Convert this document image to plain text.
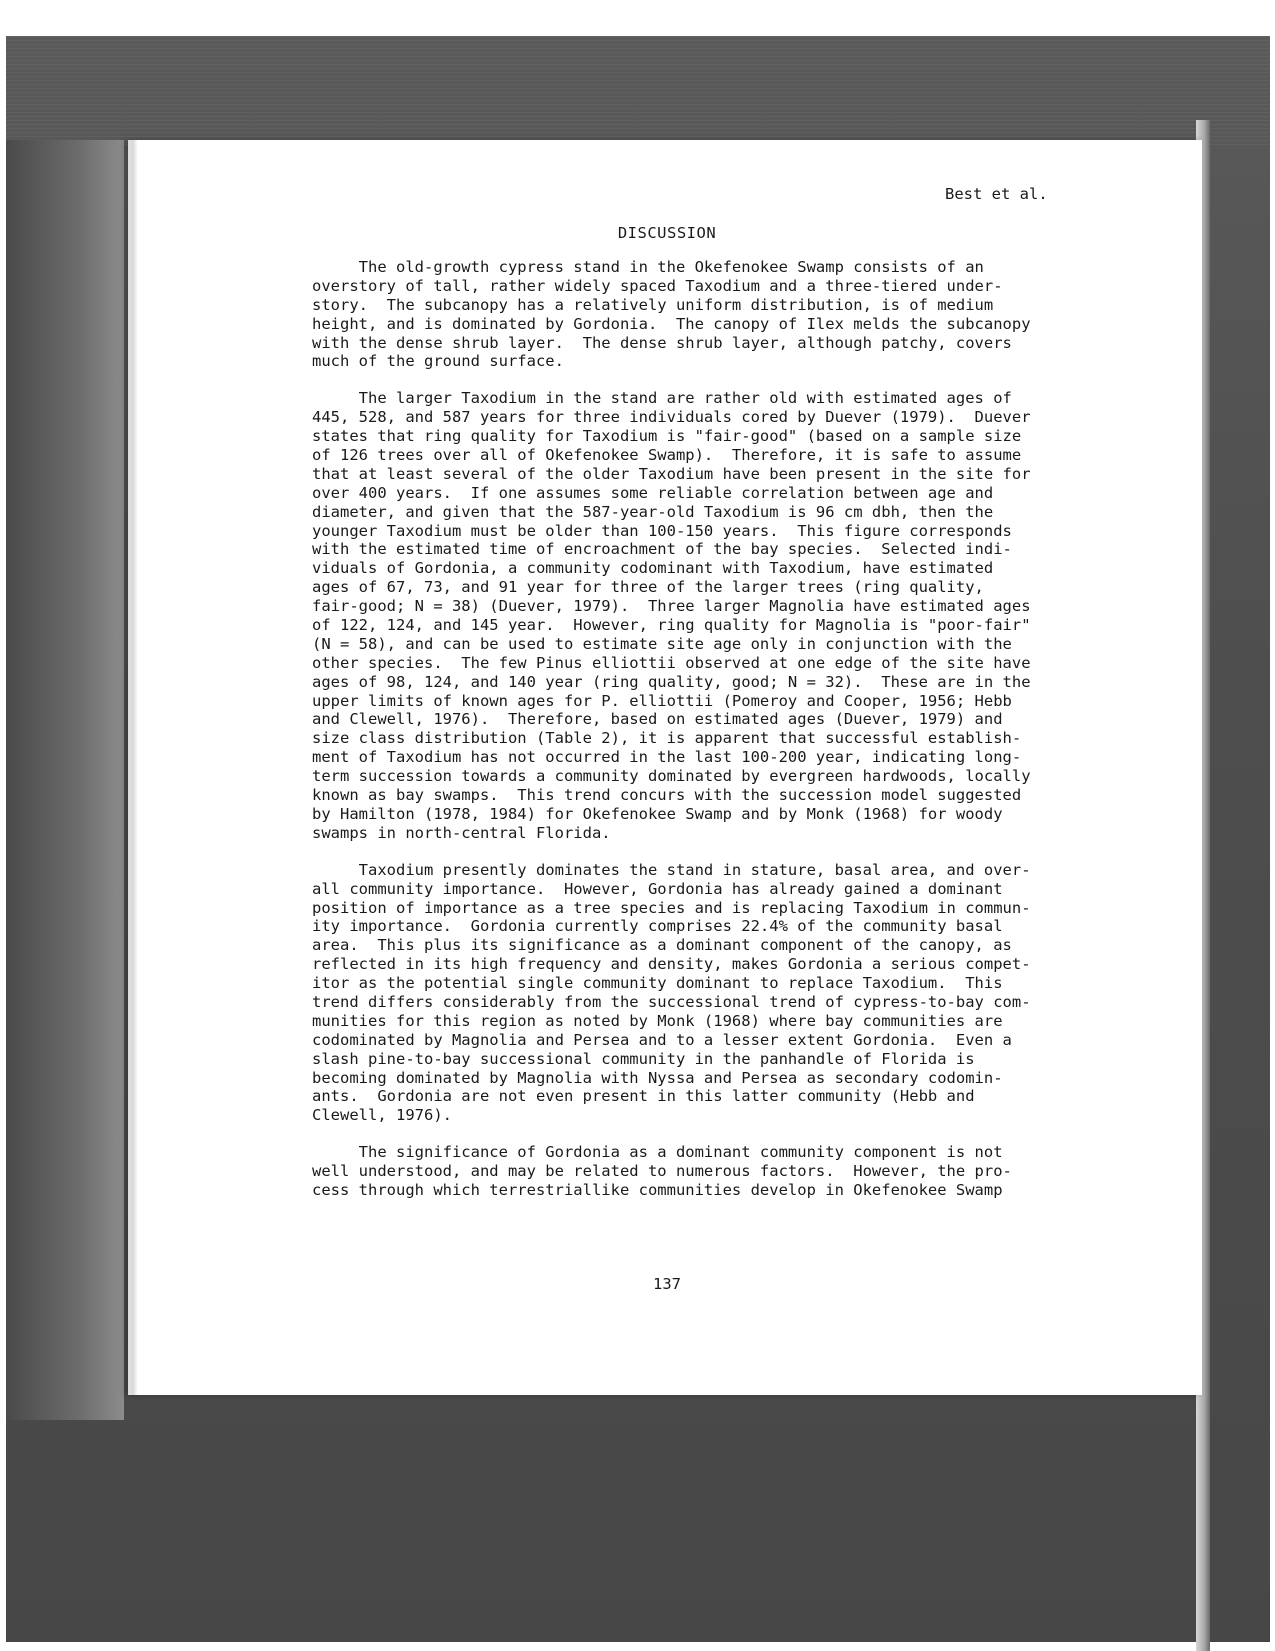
Best et al.
DISCUSSION
The old-growth cypress stand in the Okefenokee Swamp consists of an
overstory of tall, rather widely spaced Taxodium and a three-tiered under-
story.  The subcanopy has a relatively uniform distribution, is of medium
height, and is dominated by Gordonia.  The canopy of Ilex melds the subcanopy
with the dense shrub layer.  The dense shrub layer, although patchy, covers
much of the ground surface.
The larger Taxodium in the stand are rather old with estimated ages of
445, 528, and 587 years for three individuals cored by Duever (1979).  Duever
states that ring quality for Taxodium is "fair-good" (based on a sample size
of 126 trees over all of Okefenokee Swamp).  Therefore, it is safe to assume
that at least several of the older Taxodium have been present in the site for
over 400 years.  If one assumes some reliable correlation between age and
diameter, and given that the 587-year-old Taxodium is 96 cm dbh, then the
younger Taxodium must be older than 100-150 years.  This figure corresponds
with the estimated time of encroachment of the bay species.  Selected indi-
viduals of Gordonia, a community codominant with Taxodium, have estimated
ages of 67, 73, and 91 year for three of the larger trees (ring quality,
fair-good; N = 38) (Duever, 1979).  Three larger Magnolia have estimated ages
of 122, 124, and 145 year.  However, ring quality for Magnolia is "poor-fair"
(N = 58), and can be used to estimate site age only in conjunction with the
other species.  The few Pinus elliottii observed at one edge of the site have
ages of 98, 124, and 140 year (ring quality, good; N = 32).  These are in the
upper limits of known ages for P. elliottii (Pomeroy and Cooper, 1956; Hebb
and Clewell, 1976).  Therefore, based on estimated ages (Duever, 1979) and
size class distribution (Table 2), it is apparent that successful establish-
ment of Taxodium has not occurred in the last 100-200 year, indicating long-
term succession towards a community dominated by evergreen hardwoods, locally
known as bay swamps.  This trend concurs with the succession model suggested
by Hamilton (1978, 1984) for Okefenokee Swamp and by Monk (1968) for woody
swamps in north-central Florida.
Taxodium presently dominates the stand in stature, basal area, and over-
all community importance.  However, Gordonia has already gained a dominant
position of importance as a tree species and is replacing Taxodium in commun-
ity importance.  Gordonia currently comprises 22.4% of the community basal
area.  This plus its significance as a dominant component of the canopy, as
reflected in its high frequency and density, makes Gordonia a serious compet-
itor as the potential single community dominant to replace Taxodium.  This
trend differs considerably from the successional trend of cypress-to-bay com-
munities for this region as noted by Monk (1968) where bay communities are
codominated by Magnolia and Persea and to a lesser extent Gordonia.  Even a
slash pine-to-bay successional community in the panhandle of Florida is
becoming dominated by Magnolia with Nyssa and Persea as secondary codomin-
ants.  Gordonia are not even present in this latter community (Hebb and
Clewell, 1976).
The significance of Gordonia as a dominant community component is not
well understood, and may be related to numerous factors.  However, the pro-
cess through which terrestriallike communities develop in Okefenokee Swamp
137
